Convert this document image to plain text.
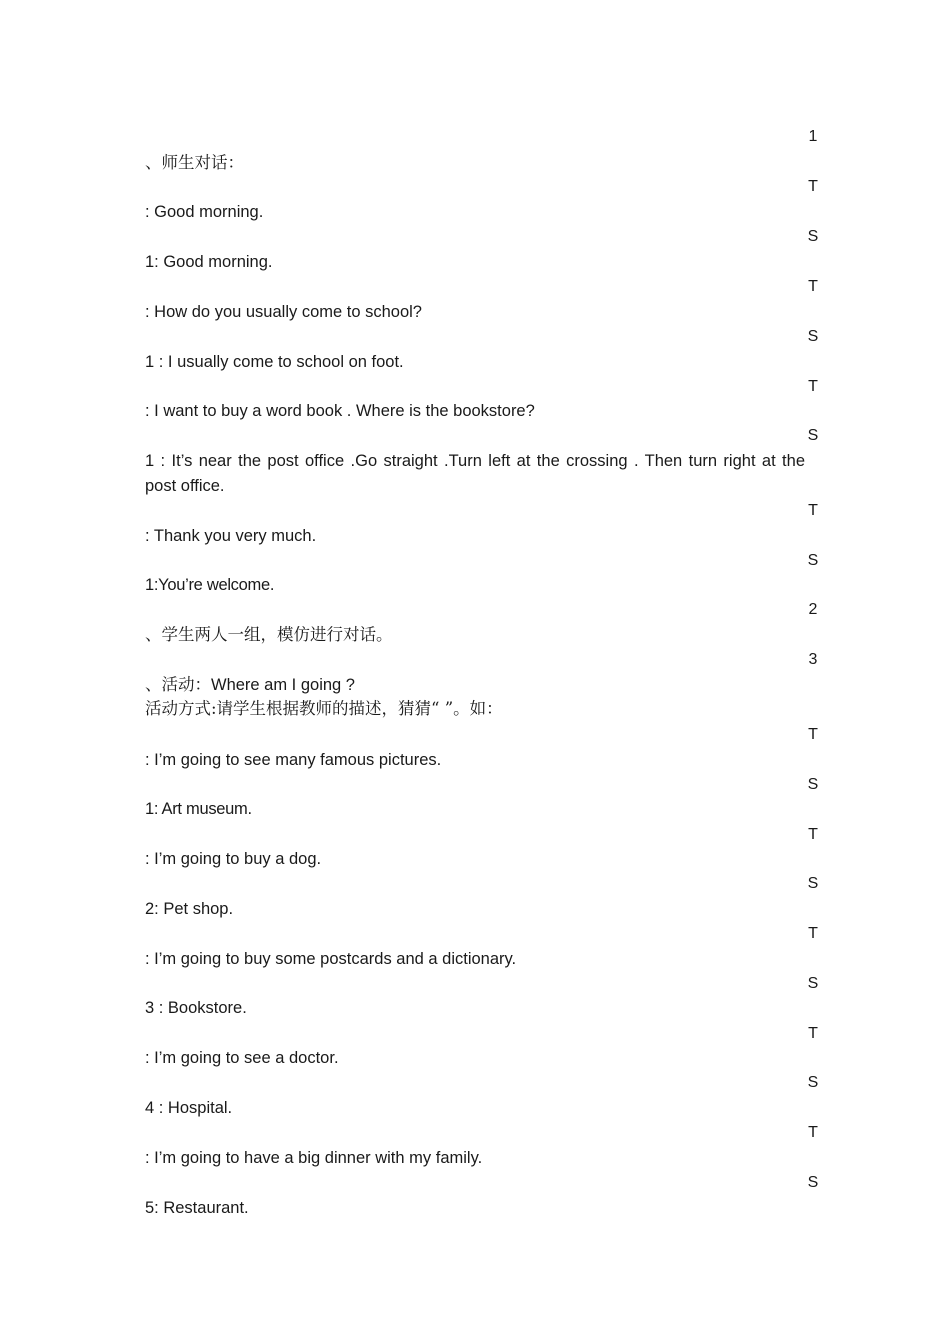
1
T
S
T
S
T
S
T
S
2
3
T
S
T
S
T
S
T
S
T
S
、师生对话：
: Good morning.
1: Good morning.
: How do you usually come to school?
1 : I usually come to school on foot.
: I want to buy a word book . Where is the bookstore?
1 : It’s near the post office .Go straight .Turn left at the crossing . Then turn right at the post office.
: Thank you very much.
1:You’re welcome.
、学生两人一组，模仿进行对话。
、活动：Where am I going ?
活动方式:请学生根据教师的描述，猜猜“ ”。如：
: I’m going to see many famous pictures.
1: Art museum.
: I’m going to buy a dog.
2: Pet shop.
: I’m going to buy some postcards and a dictionary.
3 : Bookstore.
: I’m going to see a doctor.
4 : Hospital.
: I’m going to have a big dinner with my family.
5: Restaurant.
